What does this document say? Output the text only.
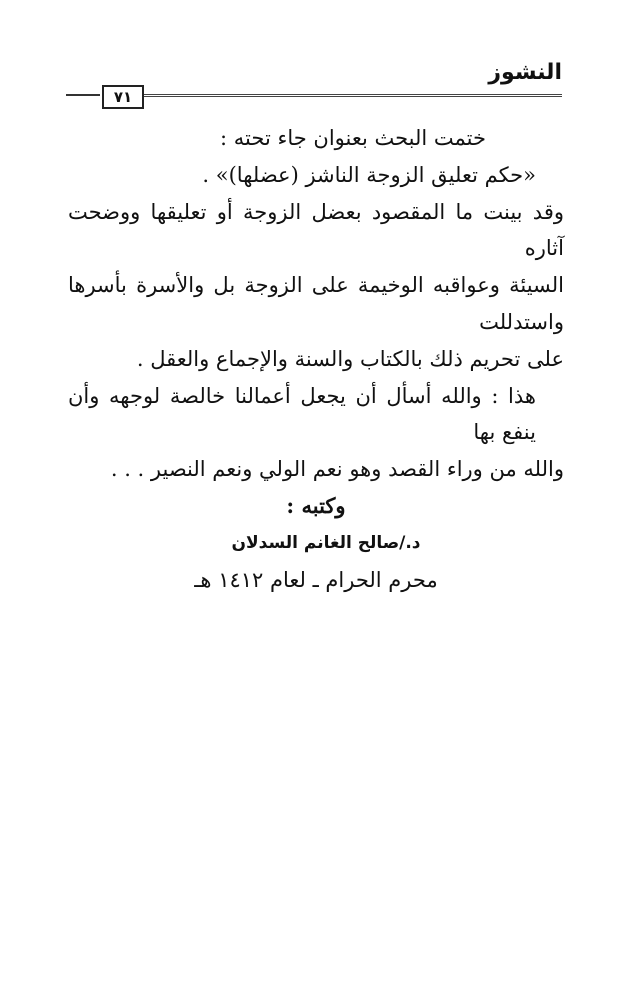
٧١
النشوز

ختمت البحث بعنوان جاء تحته :

«حكم تعليق الزوجة الناشز (عضلها)» .

وقد بينت ما المقصود بعضل الزوجة أو تعليقها ووضحت آثاره

السيئة وعواقبه الوخيمة على الزوجة بل والأسرة بأسرها واستدللت

على تحريم ذلك بالكتاب والسنة والإجماع والعقل .

هذا : والله أسأل أن يجعل أعمالنا خالصة لوجهه وأن ينفع بها

والله من وراء القصد وهو نعم الولي ونعم النصير . . .

وكتبه :

د./صالح الغانم السدلان

محرم الحرام ـ لعام ١٤١٢ هـ
